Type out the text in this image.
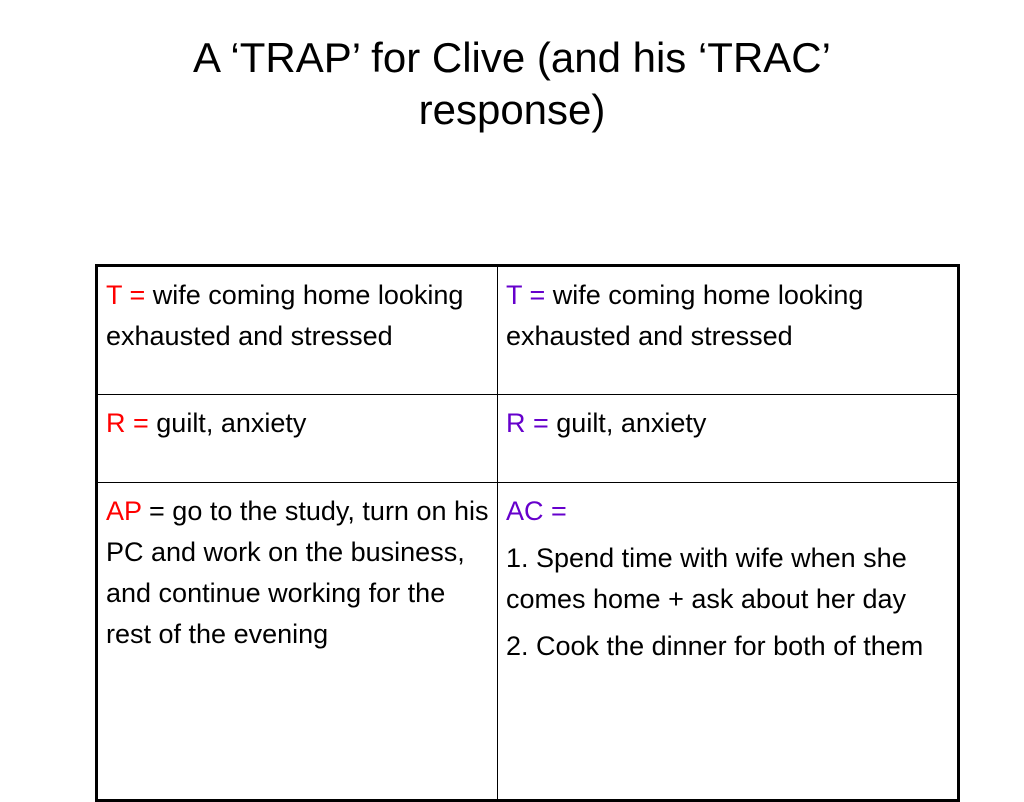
A ‘TRAP’ for Clive (and his ‘TRAC’
response)
T = wife coming home looking exhausted and stressed	T = wife coming home looking exhausted and stressed
R = guilt, anxiety	R = guilt, anxiety
AP = go to the study, turn on his PC and work on the business, and continue working for the rest of the evening	AC =
1. Spend time with wife when she comes home + ask about her day
2. Cook the dinner for both of them
